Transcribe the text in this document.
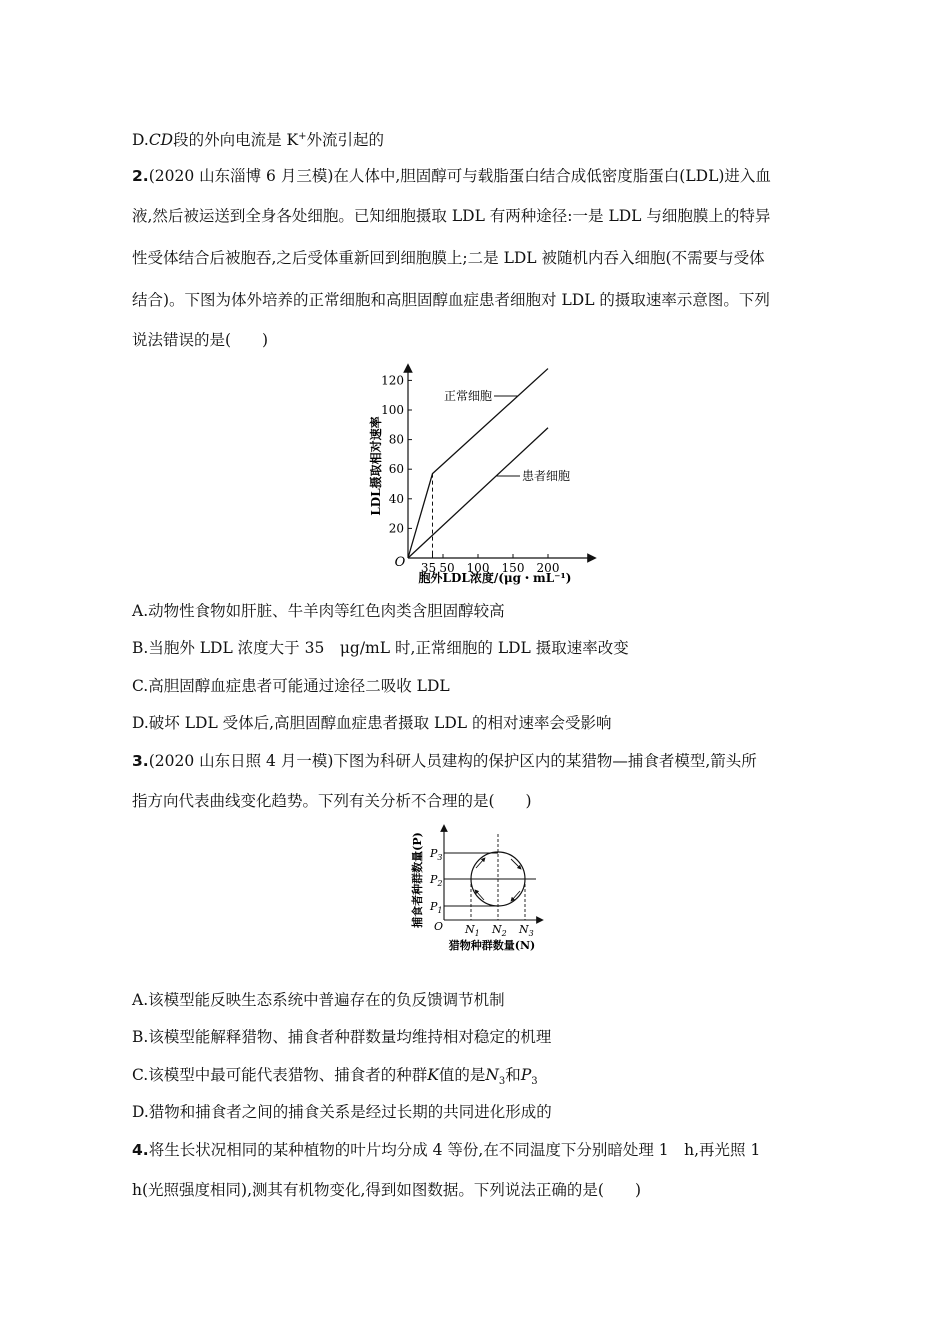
D.CD段的外向电流是 K+外流引起的
2.(2020 山东淄博 6 月三模)在人体中,胆固醇可与载脂蛋白结合成低密度脂蛋白(LDL)进入血
液,然后被运送到全身各处细胞。已知细胞摄取 LDL 有两种途径:一是 LDL 与细胞膜上的特异
性受体结合后被胞吞,之后受体重新回到细胞膜上;二是 LDL 被随机内吞入细胞(不需要与受体
结合)。下图为体外培养的正常细胞和高胆固醇血症患者细胞对 LDL 的摄取速率示意图。下列
说法错误的是(　　)
20
40
60
80
100
120
35 50 100 150 200
正常细胞
患者细胞
O
胞外LDL浓度/(μg・mL⁻¹)
LDL摄取相对速率
A.动物性食物如肝脏、牛羊肉等红色肉类含胆固醇较高
B.当胞外 LDL 浓度大于 35　μg/mL 时,正常细胞的 LDL 摄取速率改变
C.高胆固醇血症患者可能通过途径二吸收 LDL
D.破坏 LDL 受体后,高胆固醇血症患者摄取 LDL 的相对速率会受影响
3.(2020 山东日照 4 月一模)下图为科研人员建构的保护区内的某猎物—捕食者模型,箭头所
指方向代表曲线变化趋势。下列有关分析不合理的是(　　)
$P_3$
$P_2$
$P_1$
O $N_1$ $N_2$ $N_3$
猎物种群数量(N)
捕食者种群数量(P)
A.该模型能反映生态系统中普遍存在的负反馈调节机制
B.该模型能解释猎物、捕食者种群数量均维持相对稳定的机理
C.该模型中最可能代表猎物、捕食者的种群K值的是$N_3$和$P_3$
D.猎物和捕食者之间的捕食关系是经过长期的共同进化形成的
4.将生长状况相同的某种植物的叶片均分成 4 等份,在不同温度下分别暗处理 1　h,再光照 1
h(光照强度相同),测其有机物变化,得到如图数据。下列说法正确的是(　　)
